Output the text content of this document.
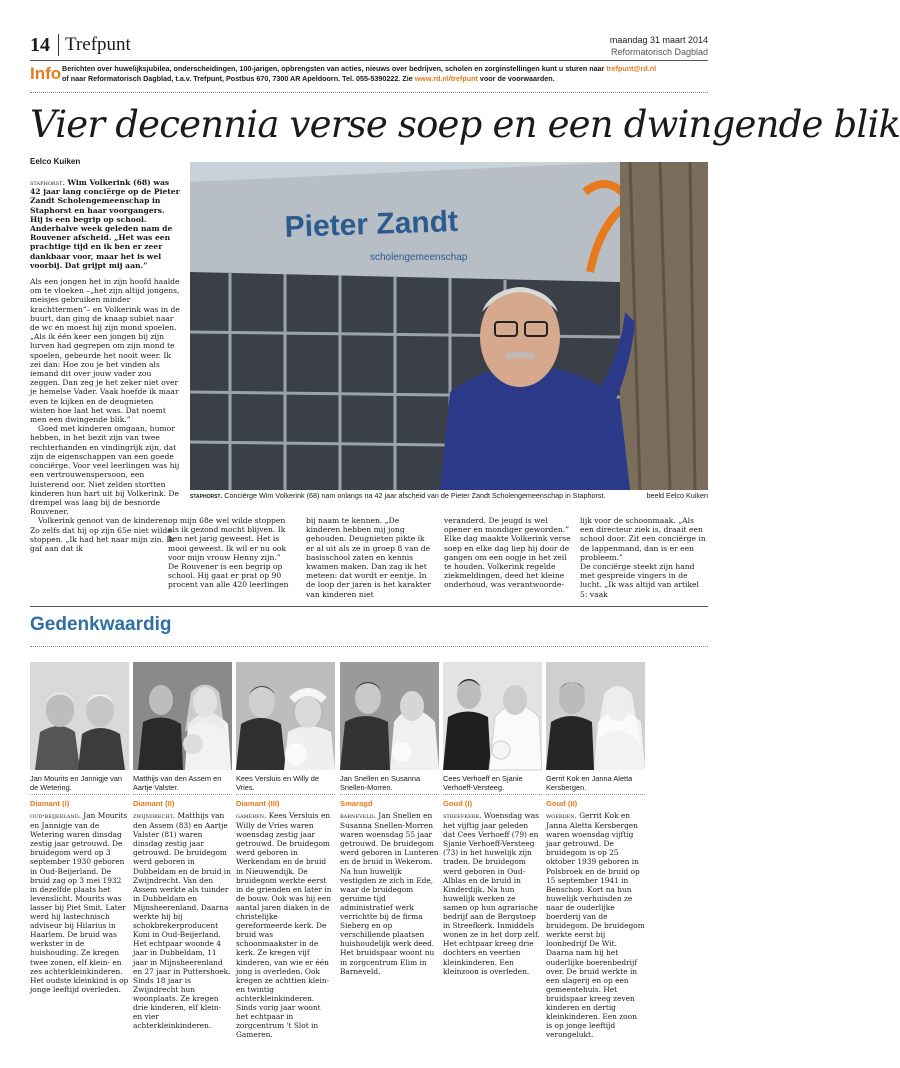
14 Trefpunt	maandag 31 maart 2014
Reformatorisch Dagblad
Info Berichten over huwelijksjubilea, onderscheidingen, 100-jarigen, opbrengsten van acties, nieuws over bedrijven, scholen en zorginstellingen kunt u sturen naar trefpunt@rd.nl
of naar Reformatorisch Dagblad, t.a.v. Trefpunt, Postbus 670, 7300 AR Apeldoorn. Tel. 055-5390222. Zie www.rd.nl/trefpunt voor de voorwaarden.
Vier decennia verse soep en een dwingende blik
Eelco Kuiken
staphorst. Wim Volkerink (68) was 42 jaar lang conciërge op de Pieter Zandt Scholengemeenschap in Staphorst en haar voorgangers. Hij is een begrip op school. Anderhalve week geleden nam de Rouvener afscheid. „Het was een prachtige tijd en ik ben er zeer dankbaar voor, maar het is wel voorbij. Dat grijpt mij aan.”
Als een jongen het in zijn hoofd haalde om te vloeken –„het zijn altijd jongens, meisjes gebruiken minder krachttermen”– en Volkerink was in de buurt, dan ging de knaap subiet naar de wc en moest hij zijn mond spoelen. „Als ik één keer een jongen bij zijn lurven had gegrepen om zijn mond te spoelen, gebeurde het nooit weer. Ik zei dan: Hoe zou je het vinden als iemand dit over jouw vader zou zeggen. Dan zeg je het zeker niet over je hemelse Vader. Vaak hoefde ik maar even te kijken en de deugnieten wisten hoe laat het was. Dat noemt men een dwingende blik.”
Goed met kinderen omgaan, humor hebben, in het bezit zijn van twee rechterhanden en vindingrijk zijn, dat zijn de eigenschappen van een goede conciërge. Voor veel leerlingen was hij een vertrouwenspersoon, een luisterend oor. Niet zelden stortten kinderen hun hart uit bij Volkerink. De drempel was laag bij de besnorde Rouvener.
Volkerink genoot van de kinderen. Zo zelfs dat hij op zijn 65e niet wilde stoppen. „Ik had het naar mijn zin. Ik gaf aan dat ik
Pieter Zandt
scholengemeenschap
beeld Eelco Kuiken
staphorst. Conciërge Wim Volkerink (68) nam onlangs na 42 jaar afscheid van de Pieter Zandt Scholengemeenschap in Staphorst.
op mijn 68e wel wilde stoppen als ik gezond mocht blijven. Ik ben net jarig geweest. Het is mooi geweest. Ik wil er nu ook voor mijn vrouw Henny zijn.”
De Rouvener is een begrip op school. Hij gaat er prat op 90 procent van alle 420 leerlingen
bij naam te kennen. „De kinderen hebben mij jong gehouden. Deugnieten pikte ik er al uit als ze in groep 8 van de basisschool zaten en kennis kwamen maken. Dan zag ik het meteen: dat wordt er eentje. In de loop der jaren is het karakter van kinderen niet
veranderd. De jeugd is wel opener en mondiger geworden.”
Elke dag maakte Volkerink verse soep en elke dag liep hij door de gangen om een oogje in het zeil te houden. Volkerink regelde ziekmeldingen, deed het kleine onderhoud, was verantwoorde-
lijk voor de schoonmaak. „Als een directeur ziek is, draait een school door. Zit een conciërge in de lappenmand, dan is er een probleem.”
De conciërge steekt zijn hand met gespreide vingers in de lucht. „Ik was altijd van artikel 5: vaak
Gedenkwaardig
Jan Mourits en Jannigje van de Wetering.
Diamant (I)
oud-beijerland. Jan Mourits en Jannigje van de Wetering waren dinsdag zestig jaar getrouwd. De bruidegom werd op 3 september 1930 geboren in Oud-Beijerland. De bruid zag op 3 mei 1932 in dezelfde plaats het levenslicht. Mourits was lasser bij Piet Smit. Later werd hij lastechnisch adviseur bij Hilarius in Haarlem. De bruid was werkster in de huishouding. Ze kregen twee zonen, elf klein- en zes achterkleinkinderen. Het oudste kleinkind is op jonge leeftijd overleden.
Matthijs van den Assem en Aartje Valster.
Diamant (II)
zwijndrecht. Matthijs van den Assem (83) en Aartje Valster (81) waren dinsdag zestig jaar getrouwd. De bruidegom werd geboren in Dubbeldam en de bruid in Zwijndrecht. Van den Assem werkte als tuinder in Dubbeldam en Mijnsheerenland. Daarna werkte hij bij schokbrekerproducent Koni in Oud-Beijerland. Het echtpaar woonde 4 jaar in Dubbeldam, 11 jaar in Mijnsheerenland en 27 jaar in Puttershoek. Sinds 18 jaar is Zwijndrecht hun woonplaats. Ze kregen drie kinderen, elf klein- en vier achterkleinkinderen.
Kees Versluis en Willy de Vries.
Diamant (III)
gameren. Kees Versluis en Willy de Vries waren woensdag zestig jaar getrouwd. De bruidegom werd geboren in Werkendam en de bruid in Nieuwendijk. De bruidegom werkte eerst in de grienden en later in de bouw. Ook was hij een aantal jaren diaken in de christelijke gereformeerde kerk. De bruid was schoonmaakster in de kerk. Ze kregen vijf kinderen, van wie er één jong is overleden. Ook kregen ze achttien klein- en twintig achterkleinkinderen. Sinds vorig jaar woont het echtpaar in zorgcentrum 't Slot in Gameren.
Jan Snellen en Susanna Snellen-Morren.
Smaragd
barneveld. Jan Snellen en Susanna Snellen-Morren waren woensdag 55 jaar getrouwd. De bruidegom werd geboren in Lunteren en de bruid in Wekerom. Na hun huwelijk vestigden ze zich in Ede, waar de bruidegom geruime tijd administratief werk verrichtte bij de firma Sieberg en op verschillende plaatsen huishoudelijk werk deed. Het bruidspaar woont nu in zorgcentrum Elim in Barneveld.
Cees Verhoeff en Sjanie Verhoeff-Versteeg.
Goud (I)
streefkerk. Woensdag was het vijftig jaar geleden dat Cees Verhoeff (79) en Sjanie Verhoeff-Versteeg (73) in het huwelijk zijn traden. De bruidegom werd geboren in Oud-Alblas en de bruid in Kinderdijk. Na hun huwelijk werken ze samen op hun agrarische bedrijf aan de Bergstoep in Streefkerk. Inmiddels wonen ze in het dorp zelf. Het echtpaar kreeg drie dochters en veertien kleinkinderen. Een kleinzoon is overleden.
Gerrit Kok en Janna Aletta Kersbergen.
Goud (II)
woerden. Gerrit Kok en Janna Aletta Kersbergen waren woensdag vijftig jaar getrouwd. De bruidegom is op 25 oktober 1939 geboren in Polsbroek en de bruid op 15 september 1941 in Benschop. Kort na hun huwelijk verhuisden ze naar de ouderlijke boerderij van de bruidegom. De bruidegom werkte eerst bij loonbedrijf De Wit. Daarna nam hij het ouderlijke boerenbedrijf over. De bruid werkte in een slagerij en op een gemeentehuis. Het bruidspaar kreeg zeven kinderen en dertig kleinkinderen. Een zoon is op jonge leeftijd verongelukt.
